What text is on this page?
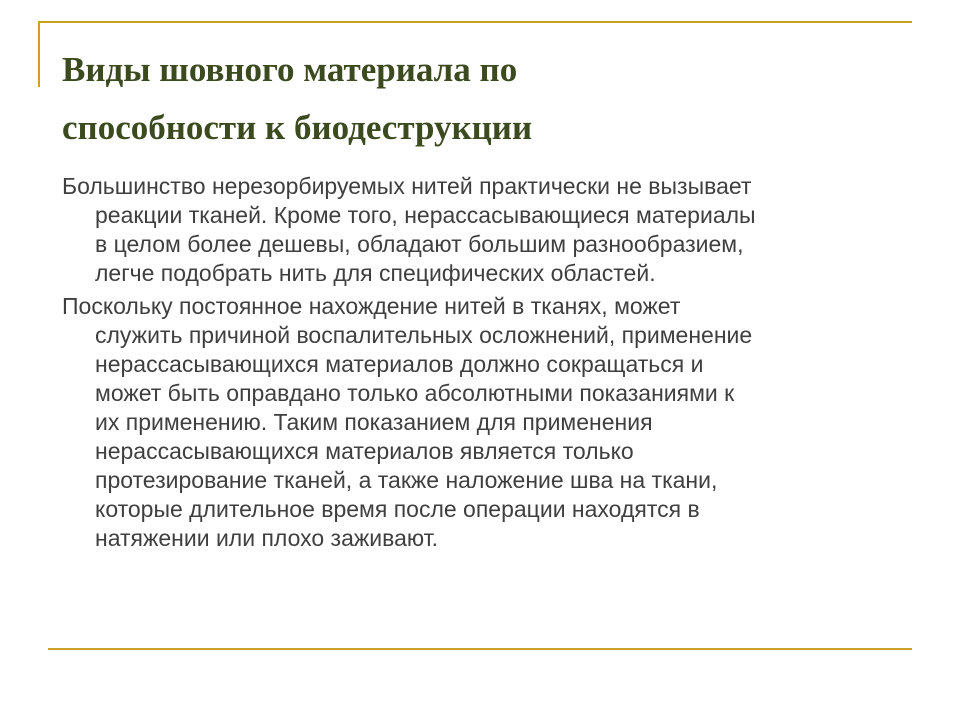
Виды шовного материала по
способности к биодеструкции

Большинство нерезорбируемых нитей практически не вызывает
реакции тканей. Кроме того, нерассасывающиеся материалы
в целом более дешевы, обладают большим разнообразием,
легче подобрать нить для специфических областей.

Поскольку постоянное нахождение нитей в тканях, может
служить причиной воспалительных осложнений, применение
нерассасывающихся материалов должно сокращаться и
может быть оправдано только абсолютными показаниями к
их применению. Таким показанием для применения
нерассасывающихся материалов является только
протезирование тканей, а также наложение шва на ткани,
которые длительное время после операции находятся в
натяжении или плохо заживают.
